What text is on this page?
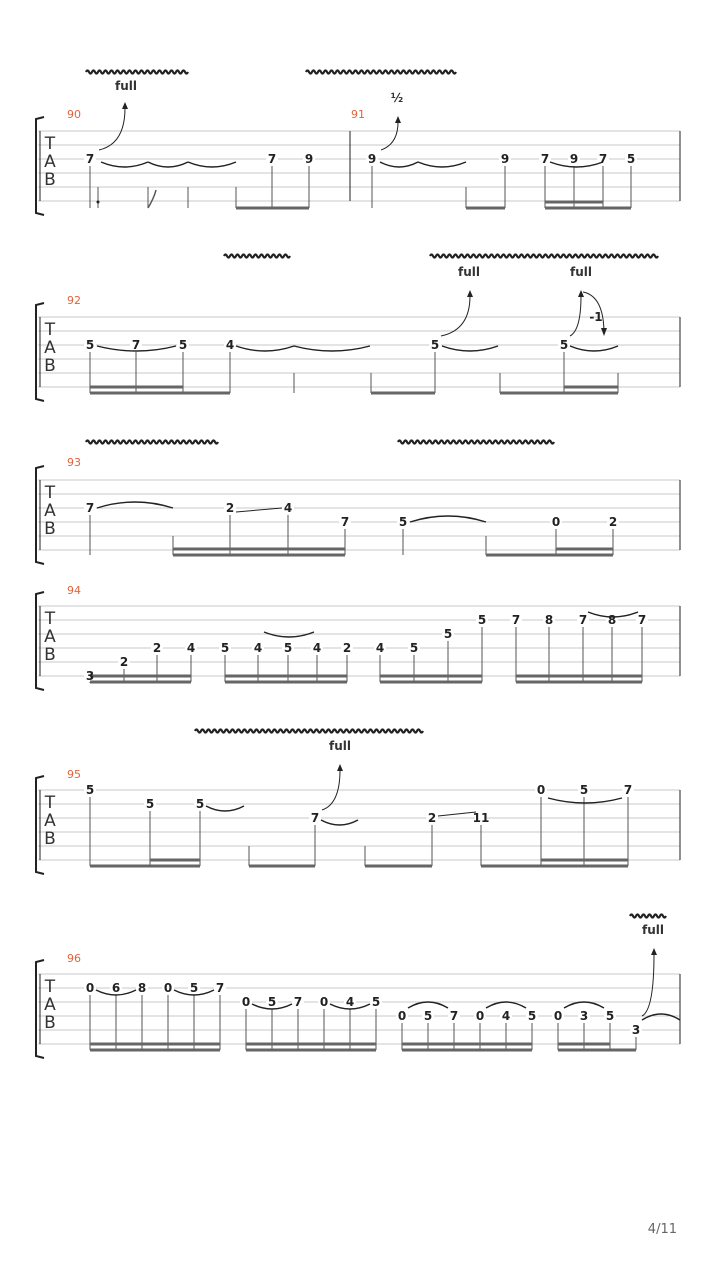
T
A
B
90	91
7	7 9	9	9	7 9 7 5
full
½
T
A
B
92
5	7	5	4	5	5
-1
full	full
T
A
B
93
7	2	4
7	5	0	2
T
A
B
94
3
2
2 4 5 4 5 4 2 4 5
5
5 7 8 7 8 7
T
A
B
95
5
5	5
7	2	11
0	5	7
full
T
A
B
96
0 6 8 0 5 7
0 5 7 0 4 5
0 5 7 0 4 5 0 3 5
3
full
4/11
